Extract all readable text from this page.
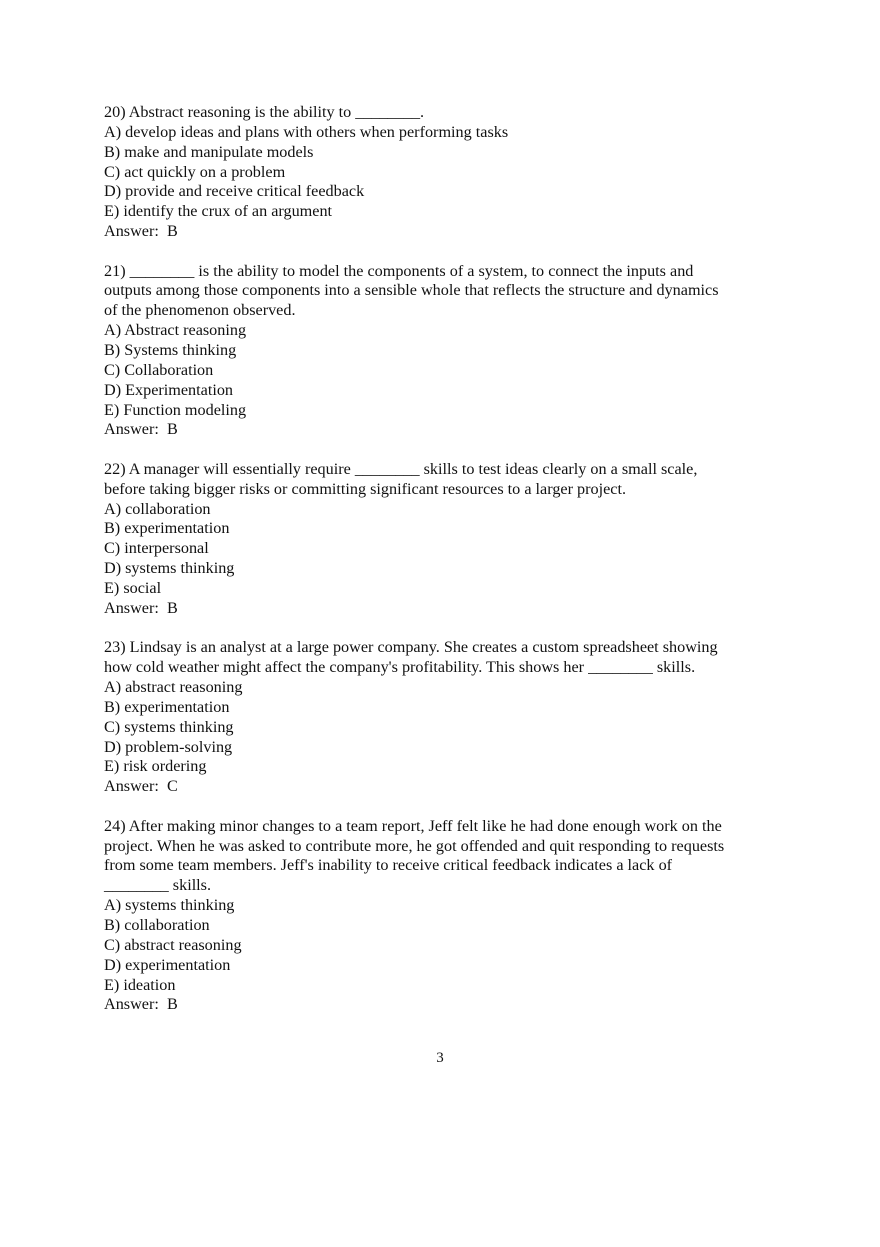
20) Abstract reasoning is the ability to ________.
A) develop ideas and plans with others when performing tasks
B) make and manipulate models
C) act quickly on a problem
D) provide and receive critical feedback
E) identify the crux of an argument
Answer:  B
21) ________ is the ability to model the components of a system, to connect the inputs and
outputs among those components into a sensible whole that reflects the structure and dynamics
of the phenomenon observed.
A) Abstract reasoning
B) Systems thinking
C) Collaboration
D) Experimentation
E) Function modeling
Answer:  B
22) A manager will essentially require ________ skills to test ideas clearly on a small scale,
before taking bigger risks or committing significant resources to a larger project.
A) collaboration
B) experimentation
C) interpersonal
D) systems thinking
E) social
Answer:  B
23) Lindsay is an analyst at a large power company. She creates a custom spreadsheet showing
how cold weather might affect the company's profitability. This shows her ________ skills.
A) abstract reasoning
B) experimentation
C) systems thinking
D) problem-solving
E) risk ordering
Answer:  C
24) After making minor changes to a team report, Jeff felt like he had done enough work on the
project. When he was asked to contribute more, he got offended and quit responding to requests
from some team members. Jeff's inability to receive critical feedback indicates a lack of
________ skills.
A) systems thinking
B) collaboration
C) abstract reasoning
D) experimentation
E) ideation
Answer:  B
3
